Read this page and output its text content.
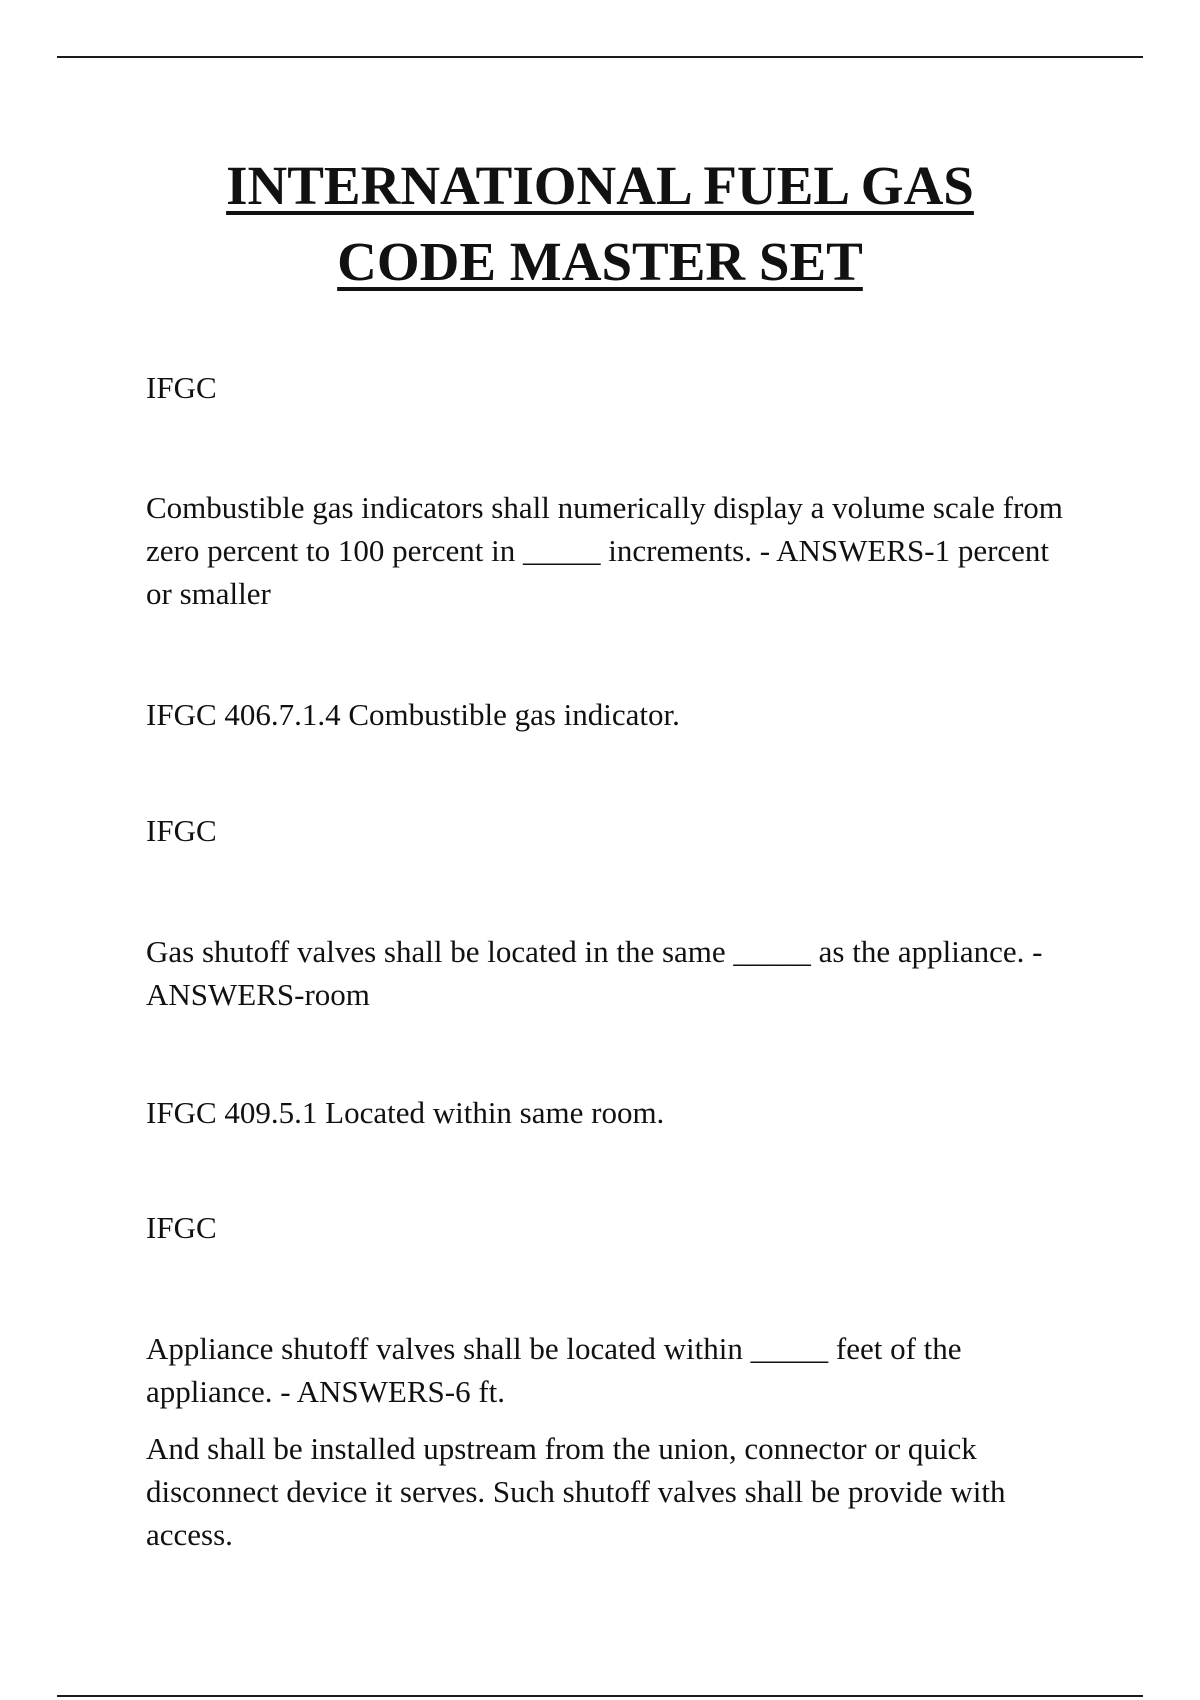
INTERNATIONAL FUEL GAS
CODE MASTER SET

IFGC

Combustible gas indicators shall numerically display a volume scale from zero percent to 100 percent in _____ increments. - ANSWERS-1 percent or smaller

IFGC 406.7.1.4 Combustible gas indicator.

IFGC

Gas shutoff valves shall be located in the same _____ as the appliance. - ANSWERS-room

IFGC 409.5.1 Located within same room.

IFGC

Appliance shutoff valves shall be located within _____ feet of the appliance. - ANSWERS-6 ft.

And shall be installed upstream from the union, connector or quick disconnect device it serves. Such shutoff valves shall be provide with access.
